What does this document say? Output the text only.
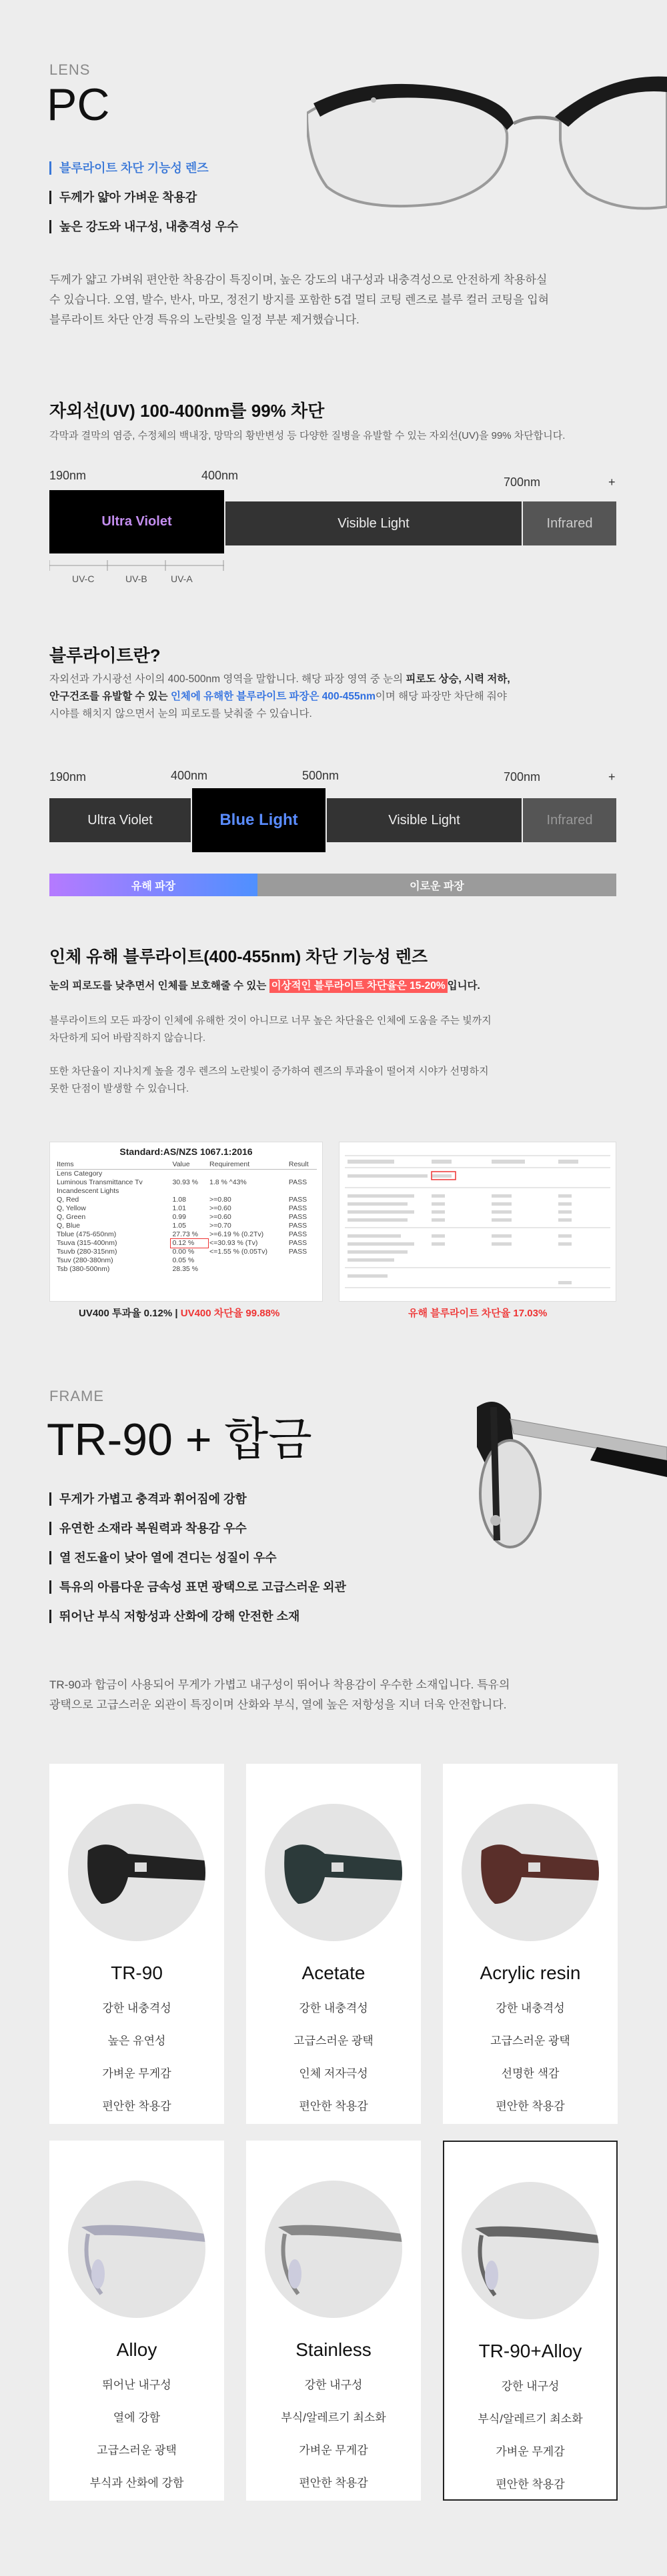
LENS
PC
블루라이트 차단 기능성 렌즈
두께가 얇아 가벼운 착용감
높은 강도와 내구성, 내충격성 우수
두께가 얇고 가벼워 편안한 착용감이 특징이며, 높은 강도의 내구성과 내충격성으로 안전하게 착용하실
수 있습니다. 오염, 발수, 반사, 마모, 정전기 방지를 포함한 5겹 멀티 코팅 렌즈로 블루 컬러 코팅을 입혀
블루라이트 차단 안경 특유의 노란빛을 일정 부분 제거했습니다.
자외선(UV) 100-400nm를 99% 차단
각막과 결막의 염증, 수정체의 백내장, 망막의 황반변성 등 다양한 질병을 유발할 수 있는 자외선(UV)을 99% 차단합니다.
190nm	400nm	700nm	+
Ultra Violet	Visible Light	Infrared
UV-C	UV-B	UV-A
블루라이트란?
자외선과 가시광선 사이의 400-500nm 영역을 말합니다. 해당 파장 영역 중 눈의 피로도 상승, 시력 저하,
안구건조를 유발할 수 있는 인체에 유해한 블루라이트 파장은 400-455nm이며 해당 파장만 차단해 줘야
시야를 해치지 않으면서 눈의 피로도를 낮춰줄 수 있습니다.
190nm	400nm	500nm	700nm	+
Ultra Violet	Blue Light	Visible Light	Infrared
유해 파장	이로운 파장
인체 유해 블루라이트(400-455nm) 차단 기능성 렌즈
눈의 피로도를 낮추면서 인체를 보호해줄 수 있는 이상적인 블루라이트 차단율은 15-20% 입니다.
블루라이트의 모든 파장이 인체에 유해한 것이 아니므로 너무 높은 차단율은 인체에 도움을 주는 빛까지
차단하게 되어 바람직하지 않습니다.
또한 차단율이 지나치게 높을 경우 렌즈의 노란빛이 증가하여 렌즈의 투과율이 떨어져 시야가 선명하지
못한 단점이 발생할 수 있습니다.
Standard:AS/NZS 1067.1:2016
Items	Value	Requirement	Result
Lens Category			
Luminous Transmittance Tv	30.93 %	1.8 % ^43%	PASS
Incandescent Lights			
Q, Red	1.08	>=0.80	PASS
Q, Yellow	1.01	>=0.60	PASS
Q, Green	0.99	>=0.60	PASS
Q, Blue	1.05	>=0.70	PASS
Tblue (475-650nm)	27.73 %	>=6.19 % (0.2Tv)	PASS
Tsuva (315-400nm)	0.12 %	<=30.93 % (Tv)	PASS
Tsuvb (280-315nm)	0.00 %	<=1.55 % (0.05Tv)	PASS
Tsuv (280-380nm)	0.05 %		
Tsb (380-500nm)	28.35 %		
UV400 투과율 0.12% | UV400 차단율 99.88%	유해 블루라이트 차단율 17.03%
FRAME
TR-90 + 합금
무게가 가볍고 충격과 휘어짐에 강함
유연한 소재라 복원력과 착용감 우수
열 전도율이 낮아 열에 견디는 성질이 우수
특유의 아름다운 금속성 표면 광택으로 고급스러운 외관
뛰어난 부식 저항성과 산화에 강해 안전한 소재
TR-90과 합금이 사용되어 무게가 가볍고 내구성이 뛰어나 착용감이 우수한 소재입니다. 특유의
광택으로 고급스러운 외관이 특징이며 산화와 부식, 열에 높은 저항성을 지녀 더욱 안전합니다.
TR-90
강한 내충격성
높은 유연성
가벼운 무게감
편안한 착용감
Acetate
강한 내충격성
고급스러운 광택
인체 저자극성
편안한 착용감
Acrylic resin
강한 내충격성
고급스러운 광택
선명한 색감
편안한 착용감
Alloy
뛰어난 내구성
열에 강함
고급스러운 광택
부식과 산화에 강함
Stainless
강한 내구성
부식/알레르기 최소화
가벼운 무게감
편안한 착용감
TR-90+Alloy
강한 내구성
부식/알레르기 최소화
가벼운 무게감
편안한 착용감
